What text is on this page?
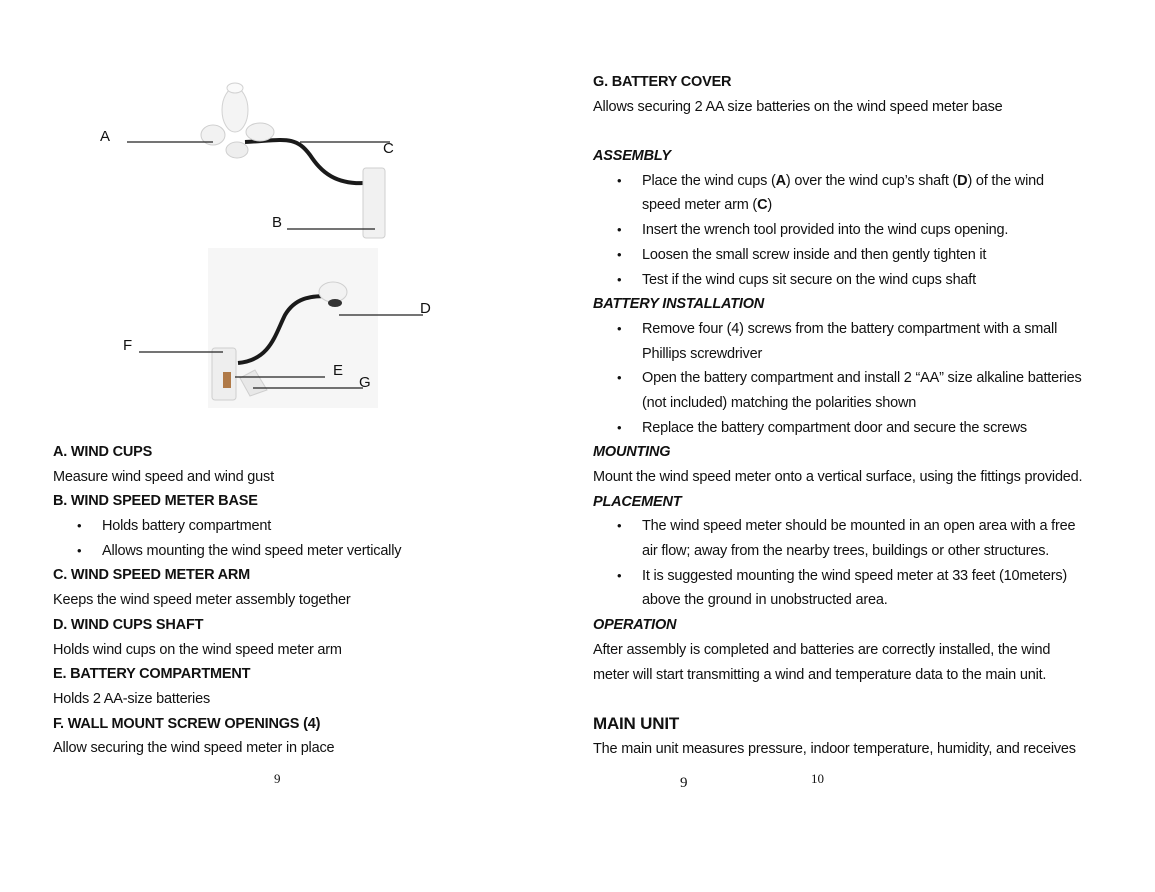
A
C
B
D
F
E
G
A. WIND CUPS
Measure wind speed and wind gust
B. WIND SPEED METER BASE
• Holds battery compartment
• Allows mounting the wind speed meter vertically
C. WIND SPEED METER ARM
Keeps the wind speed meter assembly together
D. WIND CUPS SHAFT
Holds wind cups on the wind speed meter arm
E. BATTERY COMPARTMENT
Holds 2 AA-size batteries
F. WALL MOUNT SCREW OPENINGS (4)
Allow securing the wind speed meter in place
9
G. BATTERY COVER
Allows securing 2 AA size batteries on the wind speed meter base
ASSEMBLY
• Place the wind cups (A) over the wind cup’s shaft (D) of the wind
speed meter arm (C)
• Insert the wrench tool provided into the wind cups opening.
• Loosen the small screw inside and then gently tighten it
• Test if the wind cups sit secure on the wind cups shaft
BATTERY INSTALLATION
• Remove four (4) screws from the battery compartment with a small
Phillips screwdriver
• Open the battery compartment and install 2 “AA” size alkaline batteries
(not included) matching the polarities shown
• Replace the battery compartment door and secure the screws
MOUNTING
Mount the wind speed meter onto a vertical surface, using the fittings provided.
PLACEMENT
• The wind speed meter should be mounted in an open area with a free
air flow; away from the nearby trees, buildings or other structures.
• It is suggested mounting the wind speed meter at 33 feet (10meters)
above the ground in unobstructed area.
OPERATION
After assembly is completed and batteries are correctly installed, the wind
meter will start transmitting a wind and temperature data to the main unit.
MAIN UNIT
The main unit measures pressure, indoor temperature, humidity, and receives
9	10
